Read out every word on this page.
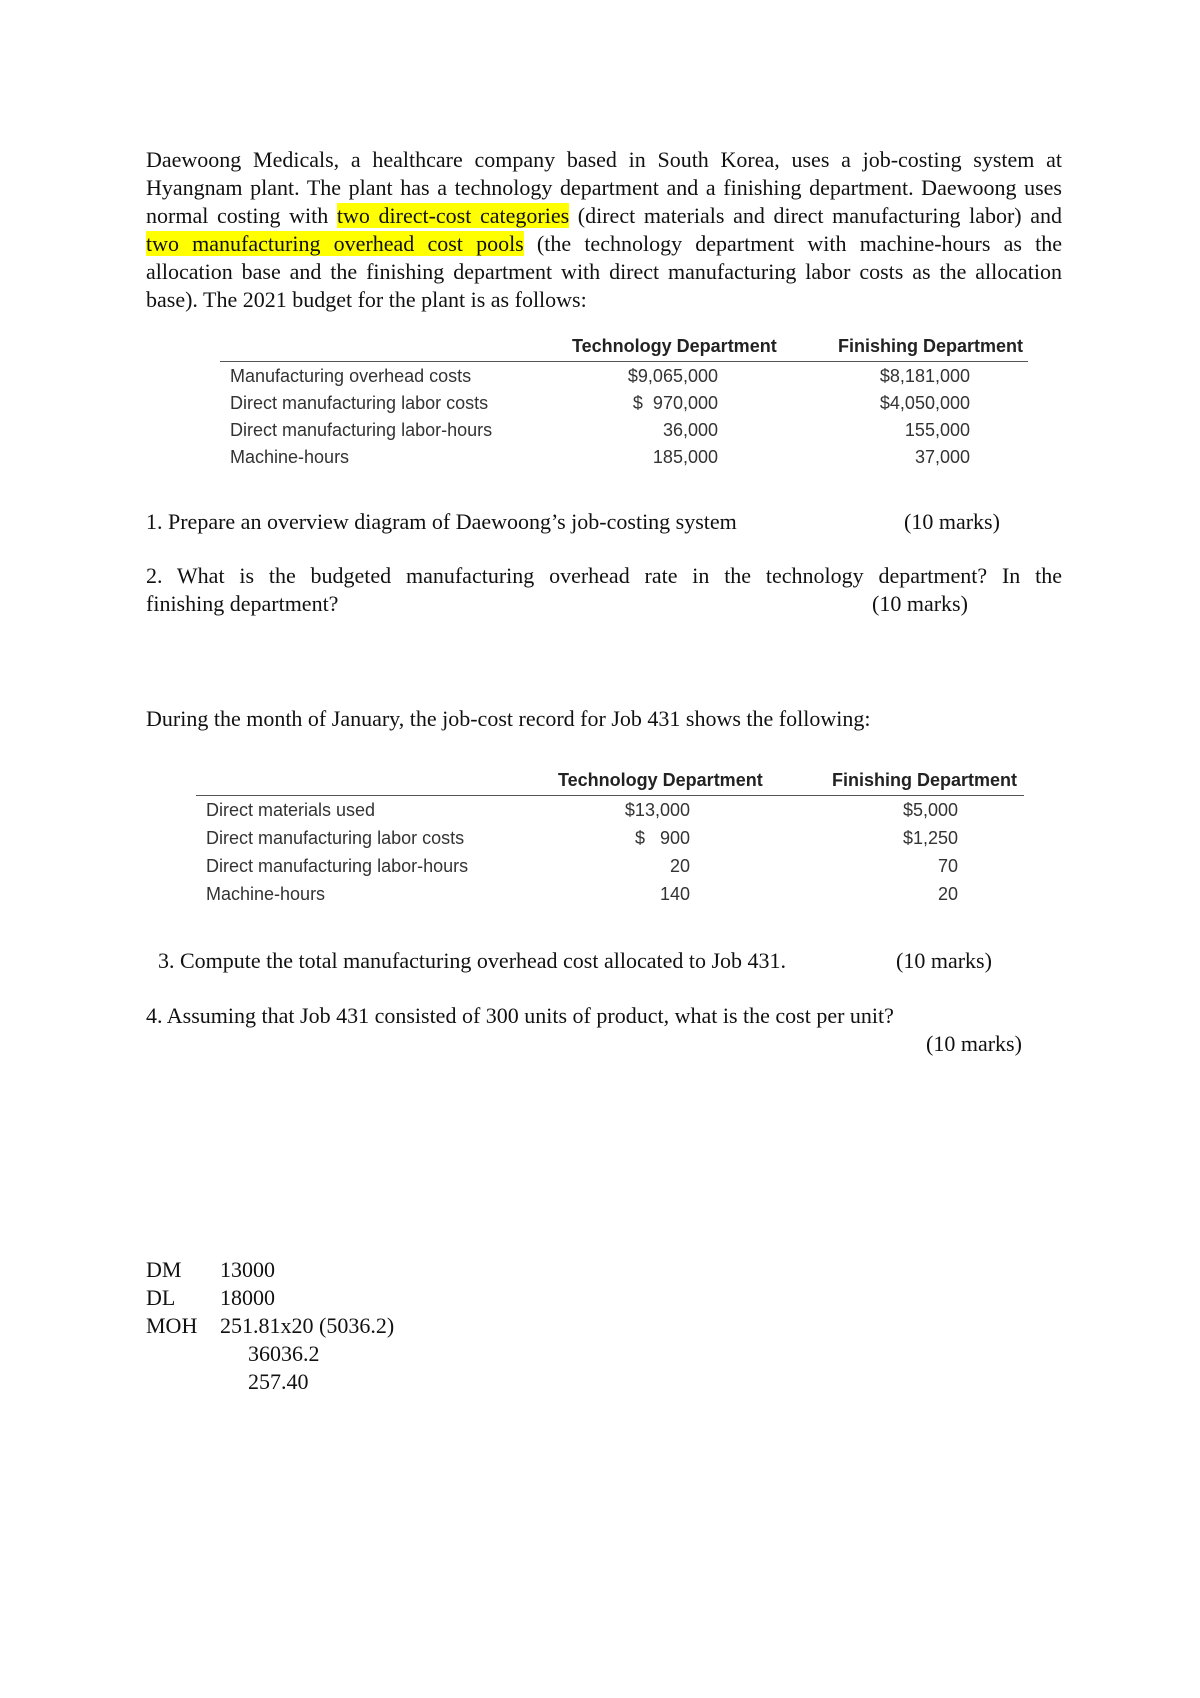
Daewoong Medicals, a healthcare company based in South Korea, uses a job-costing system at Hyangnam plant. The plant has a technology department and a finishing department. Daewoong uses normal costing with two direct-cost categories (direct materials and direct manufacturing labor) and two manufacturing overhead cost pools (the technology department with machine-hours as the allocation base and the finishing department with direct manufacturing labor costs as the allocation base). The 2021 budget for the plant is as follows:
Technology Department	Finishing Department
Manufacturing overhead costs	$9,065,000	$8,181,000
Direct manufacturing labor costs	$  970,000	$4,050,000
Direct manufacturing labor-hours	36,000	155,000
Machine-hours	185,000	37,000
1. Prepare an overview diagram of Daewoong’s job-costing system	(10 marks)
2. What is the budgeted manufacturing overhead rate in the technology department? In the
finishing department?	(10 marks)
During the month of January, the job-cost record for Job 431 shows the following:
Technology Department	Finishing Department
Direct materials used	$13,000	$5,000
Direct manufacturing labor costs	$   900	$1,250
Direct manufacturing labor-hours	20	70
Machine-hours	140	20
3. Compute the total manufacturing overhead cost allocated to Job 431.	(10 marks)
4. Assuming that Job 431 consisted of 300 units of product, what is the cost per unit?
(10 marks)
DM 13000
DL 18000
MOH 251.81x20 (5036.2)
36036.2
257.40
